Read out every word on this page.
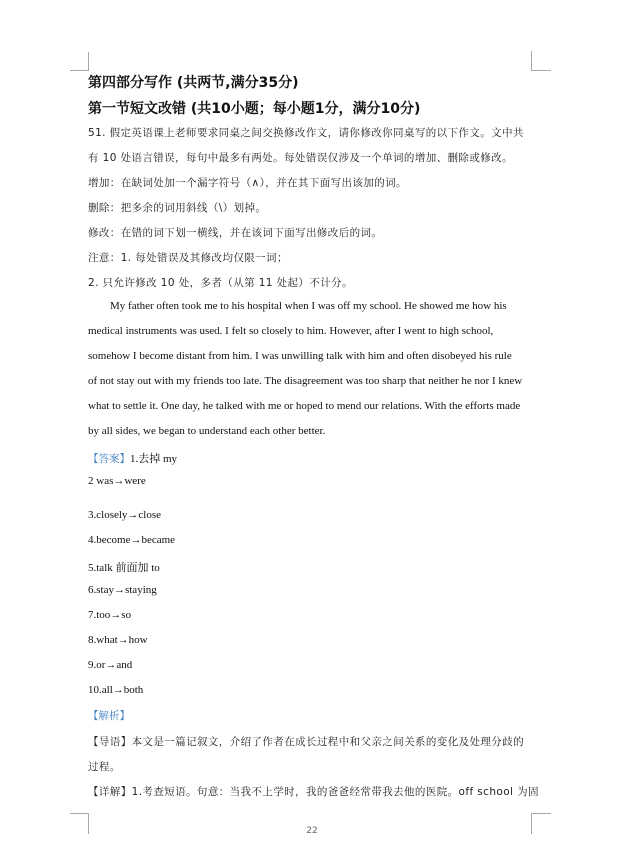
第四部分写作 (共两节,满分35分)
第一节短文改错 (共10小题；每小题1分，满分10分)
51. 假定英语课上老师要求同桌之间交换修改作文，请你修改你同桌写的以下作文。文中共
有 10 处语言错误，每句中最多有两处。每处错误仅涉及一个单词的增加、删除或修改。
增加：在缺词处加一个漏字符号（∧），并在其下面写出该加的词。
删除：把多余的词用斜线（\）划掉。
修改：在错的词下划一横线，并在该词下面写出修改后的词。
注意：1. 每处错误及其修改均仅限一词；
2. 只允许修改 10 处，多者（从第 11 处起）不计分。
My father often took me to his hospital when I was off my school. He showed me how his
medical instruments was used. I felt so closely to him. However, after I went to high school,
somehow I become distant from him. I was unwilling talk with him and often disobeyed his rule
of not stay out with my friends too late. The disagreement was too sharp that neither he nor I knew
what to settle it. One day, he talked with me or hoped to mend our relations. With the efforts made
by all sides, we began to understand each other better.
【答案】1.去掉 my
2 was→were
3.closely→close
4.become→became
5.talk 前面加 to
6.stay→staying
7.too→so
8.what→how
9.or→and
10.all→both
【解析】
【导语】本文是一篇记叙文，介绍了作者在成长过程中和父亲之间关系的变化及处理分歧的
过程。
【详解】1.考查短语。句意：当我不上学时，我的爸爸经常带我去他的医院。off school 为固
22
